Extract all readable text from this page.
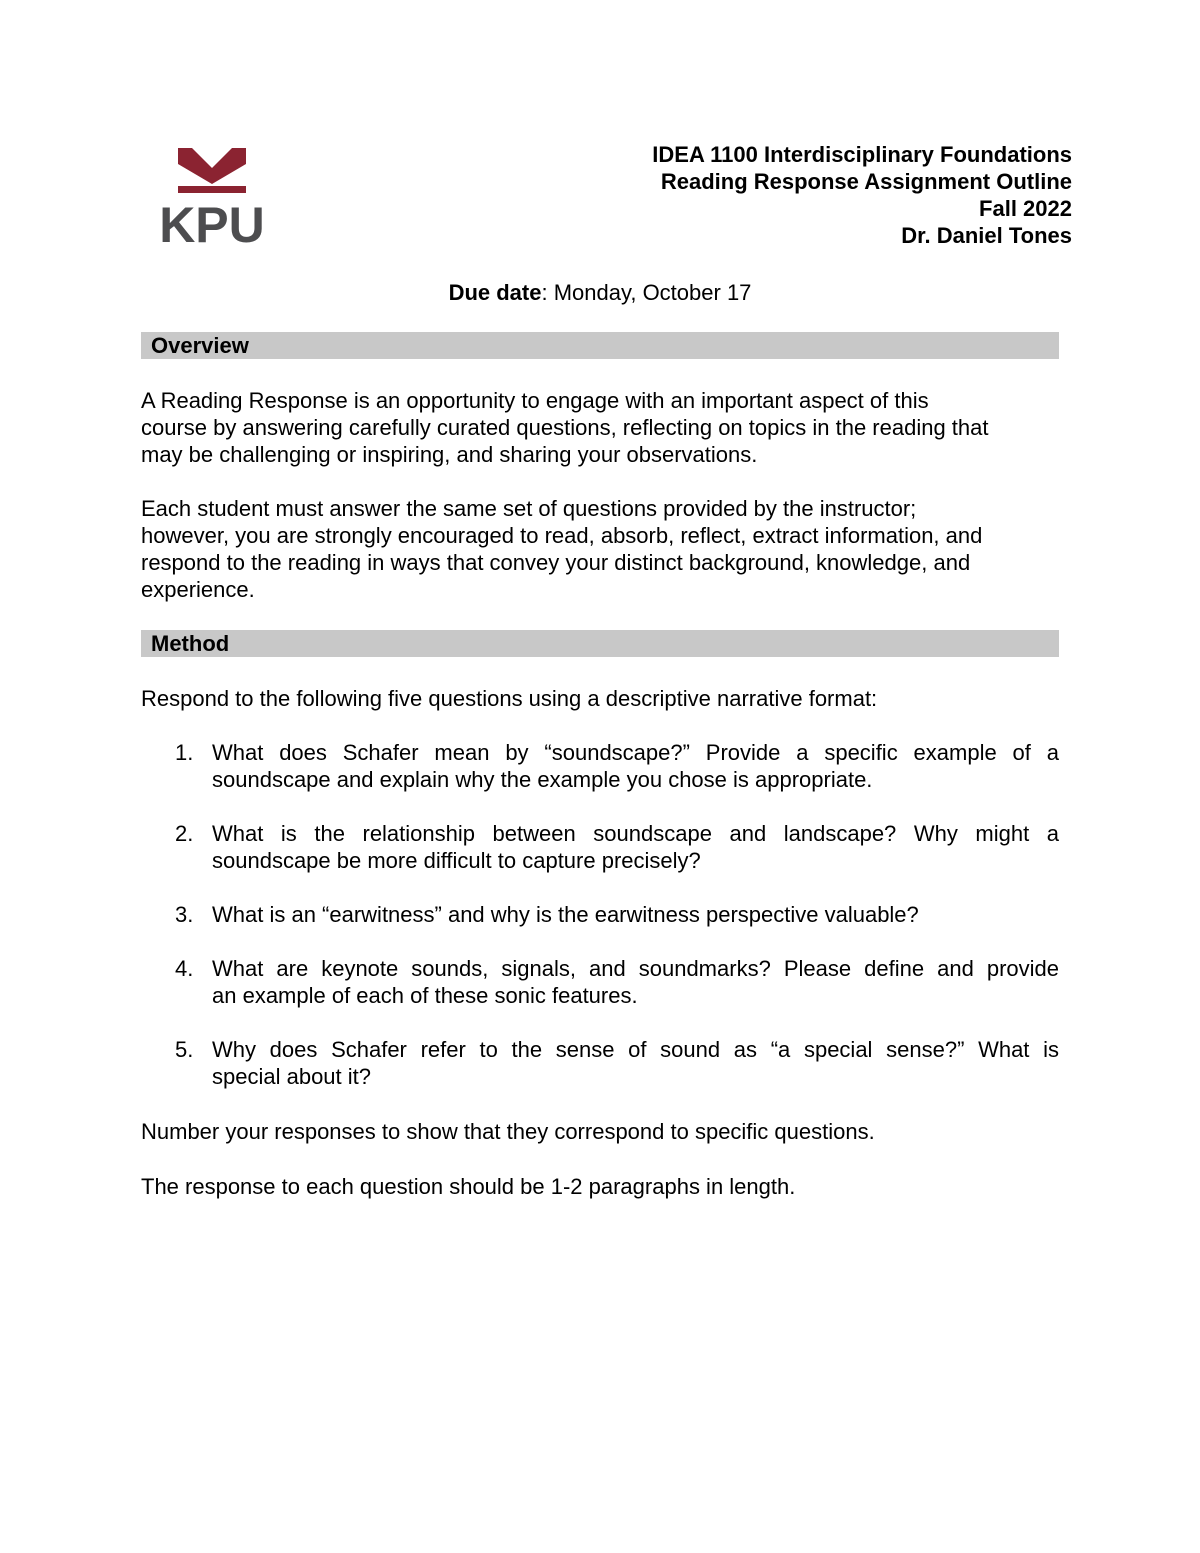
KPU
IDEA 1100 Interdisciplinary Foundations
Reading Response Assignment Outline
Fall 2022
Dr. Daniel Tones
Due date: Monday, October 17
Overview
A Reading Response is an opportunity to engage with an important aspect of this
course by answering carefully curated questions, reflecting on topics in the reading that
may be challenging or inspiring, and sharing your observations.
Each student must answer the same set of questions provided by the instructor;
however, you are strongly encouraged to read, absorb, reflect, extract information, and
respond to the reading in ways that convey your distinct background, knowledge, and
experience.
Method
Respond to the following five questions using a descriptive narrative format:
1. What does Schafer mean by “soundscape?” Provide a specific example of a
soundscape and explain why the example you chose is appropriate.
2. What is the relationship between soundscape and landscape? Why might a
soundscape be more difficult to capture precisely?
3. What is an “earwitness” and why is the earwitness perspective valuable?
4. What are keynote sounds, signals, and soundmarks? Please define and provide
an example of each of these sonic features.
5. Why does Schafer refer to the sense of sound as “a special sense?” What is
special about it?
Number your responses to show that they correspond to specific questions.
The response to each question should be 1-2 paragraphs in length.
